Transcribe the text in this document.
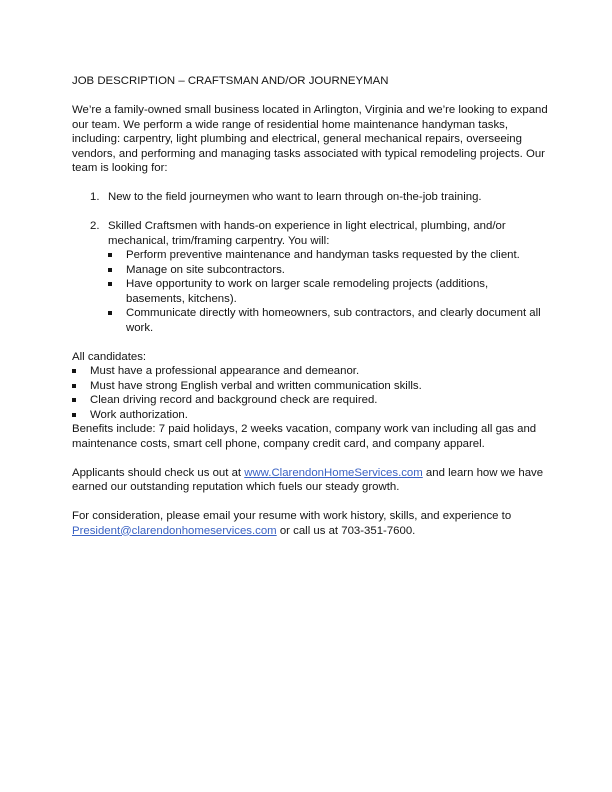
JOB DESCRIPTION – CRAFTSMAN AND/OR JOURNEYMAN

We’re a family-owned small business located in Arlington, Virginia and we’re looking to expand our team. We perform a wide range of residential home maintenance handyman tasks, including: carpentry, light plumbing and electrical, general mechanical repairs, overseeing vendors, and performing and managing tasks associated with typical remodeling projects. Our team is looking for:

1. New to the field journeymen who want to learn through on-the-job training.
2. Skilled Craftsmen with hands-on experience in light electrical, plumbing, and/or mechanical, trim/framing carpentry. You will:
Perform preventive maintenance and handyman tasks requested by the client.
Manage on site subcontractors.
Have opportunity to work on larger scale remodeling projects (additions, basements, kitchens).
Communicate directly with homeowners, sub contractors, and clearly document all work.
All candidates:
Must have a professional appearance and demeanor.
Must have strong English verbal and written communication skills.
Clean driving record and background check are required.
Work authorization.

Benefits include: 7 paid holidays, 2 weeks vacation, company work van including all gas and maintenance costs, smart cell phone, company credit card, and company apparel.

Applicants should check us out at www.ClarendonHomeServices.com and learn how we have earned our outstanding reputation which fuels our steady growth.

For consideration, please email your resume with work history, skills, and experience to President@clarendonhomeservices.com or call us at 703-351-7600.
